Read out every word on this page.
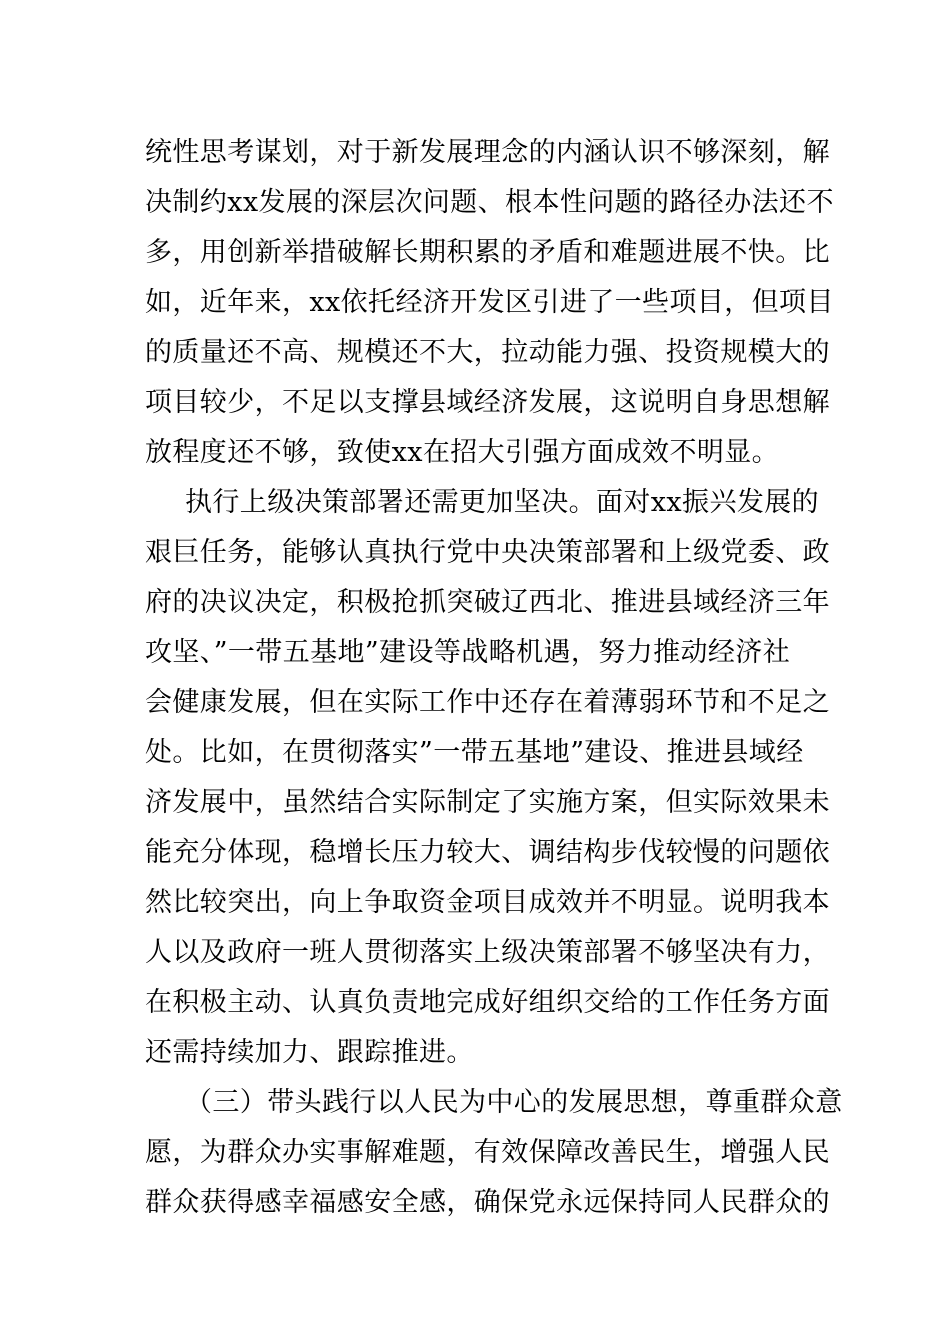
统性思考谋划，对于新发展理念的内涵认识不够深刻，解
决制约xx发展的深层次问题、根本性问题的路径办法还不
多，用创新举措破解长期积累的矛盾和难题进展不快。比
如，近年来，xx依托经济开发区引进了一些项目，但项目
的质量还不高、规模还不大，拉动能力强、投资规模大的
项目较少，不足以支撑县域经济发展，这说明自身思想解
放程度还不够，致使xx在招大引强方面成效不明显。
执行上级决策部署还需更加坚决。面对xx振兴发展的
艰巨任务，能够认真执行党中央决策部署和上级党委、政
府的决议决定，积极抢抓突破辽西北、推进县域经济三年
攻坚、”一带五基地”建设等战略机遇，努力推动经济社
会健康发展，但在实际工作中还存在着薄弱环节和不足之
处。比如，在贯彻落实”一带五基地”建设、推进县域经
济发展中，虽然结合实际制定了实施方案，但实际效果未
能充分体现，稳增长压力较大、调结构步伐较慢的问题依
然比较突出，向上争取资金项目成效并不明显。说明我本
人以及政府一班人贯彻落实上级决策部署不够坚决有力，
在积极主动、认真负责地完成好组织交给的工作任务方面
还需持续加力、跟踪推进。
（三）带头践行以人民为中心的发展思想，尊重群众意
愿，为群众办实事解难题，有效保障改善民生，增强人民
群众获得感幸福感安全感，确保党永远保持同人民群众的
